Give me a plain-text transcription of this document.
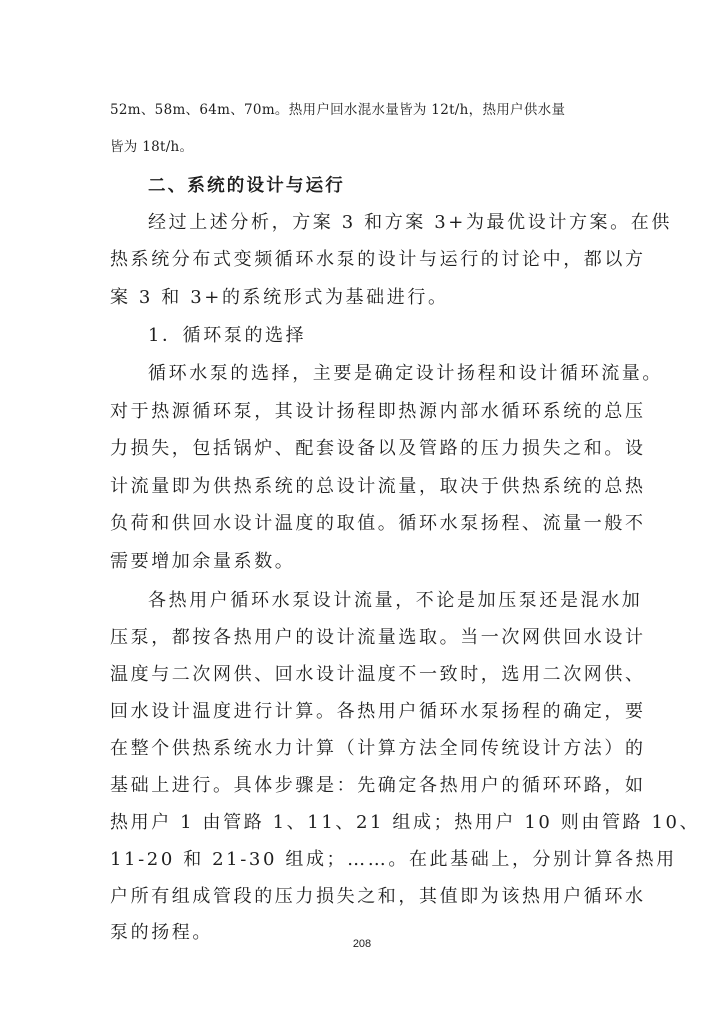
52m、58m、64m、70m。热用户回水混水量皆为 12t/h，热用户供水量
皆为 18t/h。
二、系统的设计与运行
经过上述分析，方案 3 和方案 3+为最优设计方案。在供
热系统分布式变频循环水泵的设计与运行的讨论中，都以方
案 3 和 3+的系统形式为基础进行。
1．循环泵的选择
循环水泵的选择，主要是确定设计扬程和设计循环流量。
对于热源循环泵，其设计扬程即热源内部水循环系统的总压
力损失，包括锅炉、配套设备以及管路的压力损失之和。设
计流量即为供热系统的总设计流量，取决于供热系统的总热
负荷和供回水设计温度的取值。循环水泵扬程、流量一般不
需要增加余量系数。
各热用户循环水泵设计流量，不论是加压泵还是混水加
压泵，都按各热用户的设计流量选取。当一次网供回水设计
温度与二次网供、回水设计温度不一致时，选用二次网供、
回水设计温度进行计算。各热用户循环水泵扬程的确定，要
在整个供热系统水力计算（计算方法全同传统设计方法）的
基础上进行。具体步骤是：先确定各热用户的循环环路，如
热用户 1 由管路 1、11、21 组成；热用户 10 则由管路 10、
11-20 和 21-30 组成；……。在此基础上，分别计算各热用
户所有组成管段的压力损失之和，其值即为该热用户循环水
泵的扬程。
208
